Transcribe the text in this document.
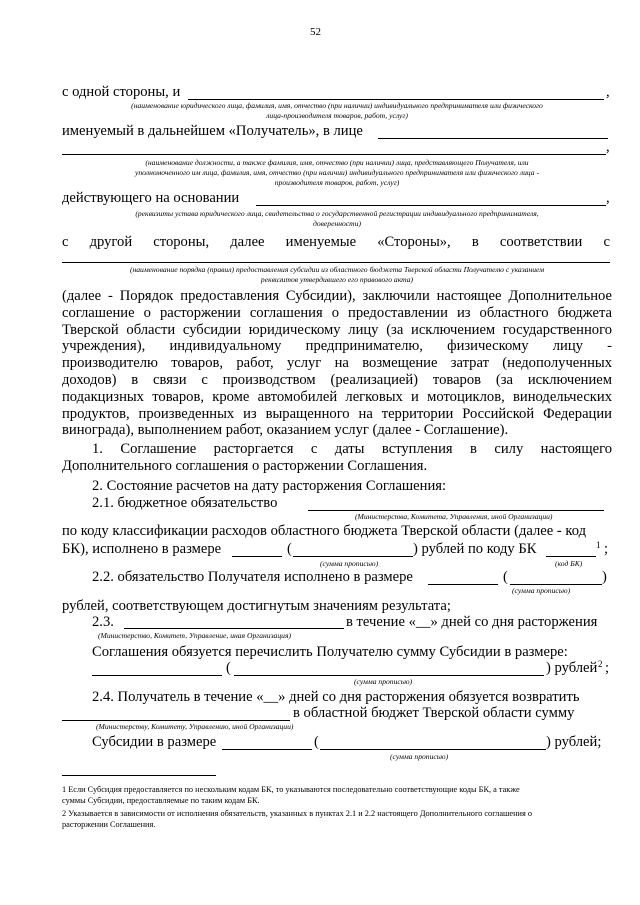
52
с одной стороны, и	,
(наименование юридического лица, фамилия, имя, отчество (при наличии) индивидуального предпринимателя или физического
лица-производителя товаров, работ, услуг)
именуемый в дальнейшем «Получатель», в лице
,
(наименование должности, а также фамилия, имя, отчество (при наличии) лица, представляющего Получателя, или
уполномоченного им лица, фамилия, имя, отчество (при наличии) индивидуального предпринимателя или физического лица -
производителя товаров, работ, услуг)
действующего на основании	,
(реквизиты устава юридического лица, свидетельства о государственной регистрации индивидуального предпринимателя,
доверенности)
с другой стороны, далее именуемые «Стороны», в соответствии с
(наименование порядка (правил) предоставления субсидии из областного бюджета Тверской области Получателю с указанием
реквизитов утвердившего его правового акта)
(далее - Порядок предоставления Субсидии), заключили настоящее Дополнительное
соглашение о расторжении соглашения о предоставлении из областного бюджета
Тверской области субсидии юридическому лицу (за исключением государственного
учреждения), индивидуальному предпринимателю, физическому лицу -
производителю товаров, работ, услуг на возмещение затрат (недополученных
доходов) в связи с производством (реализацией) товаров (за исключением
подакцизных товаров, кроме автомобилей легковых и мотоциклов, винодельческих
продуктов, произведенных из выращенного на территории Российской Федерации
винограда), выполнением работ, оказанием услуг (далее - Соглашение).
1. Соглашение расторгается с даты вступления в силу настоящего
Дополнительного соглашения о расторжении Соглашения.
2. Состояние расчетов на дату расторжения Соглашения:
2.1. бюджетное обязательство
(Министерства, Комитета, Управления, иной Организации)
по коду классификации расходов областного бюджета Тверской области (далее - код
БК), исполнено в размере	(	) рублей по коду БК	1 ;
(сумма прописью)	(код БК)
2.2. обязательство Получателя исполнено в размере	(	)
(сумма прописью)
рублей, соответствующем достигнутым значениям результата;
2.3.	в течение «__» дней со дня расторжения
(Министерство, Комитет, Управление, иная Организация)
Соглашения обязуется перечислить Получателю сумму Субсидии в размере:
(	) рублей 2 ;
(сумма прописью)
2.4. Получатель в течение «__» дней со дня расторжения обязуется возвратить
в областной бюджет Тверской области сумму
(Министерству, Комитету, Управлению, иной Организации)
Субсидии в размере	(	) рублей;
(сумма прописью)
1 Если Субсидия предоставляется по нескольким кодам БК, то указываются последовательно соответствующие коды БК, а также
суммы Субсидии, предоставляемые по таким кодам БК.
2 Указывается в зависимости от исполнения обязательств, указанных в пунктах 2.1 и 2.2 настоящего Дополнительного соглашения о
расторжении Соглашения.
